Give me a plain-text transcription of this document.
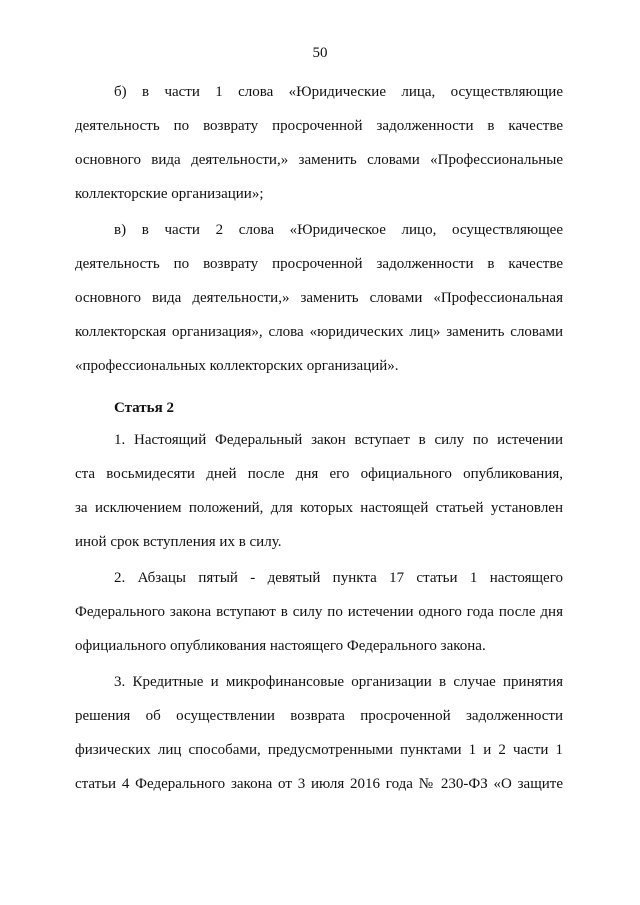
50
б) в части 1 слова «Юридические лица, осуществляющие
деятельность по возврату просроченной задолженности в качестве
основного вида деятельности,» заменить словами «Профессиональные
коллекторские организации»;
в) в части 2 слова «Юридическое лицо, осуществляющее
деятельность по возврату просроченной задолженности в качестве
основного вида деятельности,» заменить словами «Профессиональная
коллекторская организация», слова «юридических лиц» заменить словами
«профессиональных коллекторских организаций».
Статья 2
1. Настоящий Федеральный закон вступает в силу по истечении
ста восьмидесяти дней после дня его официального опубликования,
за исключением положений, для которых настоящей статьей установлен
иной срок вступления их в силу.
2. Абзацы пятый - девятый пункта 17 статьи 1 настоящего
Федерального закона вступают в силу по истечении одного года после дня
официального опубликования настоящего Федерального закона.
3. Кредитные и микрофинансовые организации в случае принятия
решения об осуществлении возврата просроченной задолженности
физических лиц способами, предусмотренными пунктами 1 и 2 части 1
статьи 4 Федерального закона от 3 июля 2016 года № 230-ФЗ «О защите
